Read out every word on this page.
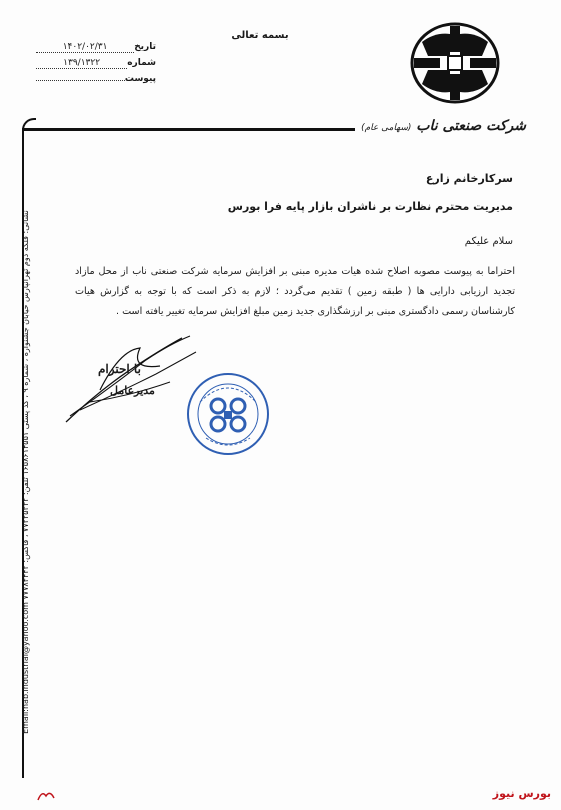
بسمه تعالی
تاریخ
۱۴۰۲/۰۲/۳۱
شماره
۱۳۹/۱۳۲۲
پیوست
شرکت صنعتی ناب (سهامی عام)
نشانی: فلکه دوم تهرانپارس خیابان جشنواره ، شماره ۹ ، کد پستی ۱۶۵۸۶۱۴۵۵۱ تلفن: ۷۷۲۲۵۳۳۲ ، فاکس: ۷۷۷۸۴۴۴۲ Email:nab.industrial@yahoo.com
سرکارخانم زارع
مدیریت محترم نظارت بر ناشران بازار پایه فرا بورس
سلام علیکم
احتراما به پیوست مصوبه اصلاح شده هیات مدیره مبنی بر افزایش سرمایه شرکت صنعتی ناب از محل مازاد تجدید ارزیابی دارایی ها ( طبقه زمین ) تقدیم می‌گردد ؛ لازم به ذکر است که با توجه به گزارش هیات کارشناسان رسمی دادگستری مبنی بر ارزشگذاری جدید زمین مبلغ افزایش سرمایه تغییر یافته است .
با احترام
مدیرعامل
بورس نیوز
